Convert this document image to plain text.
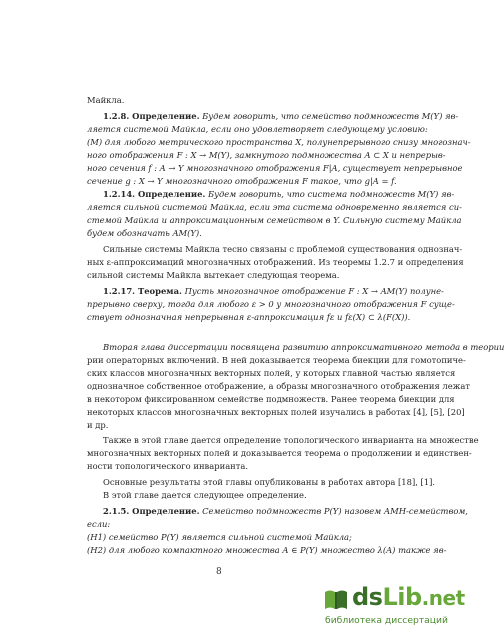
Майкла.
1.2.8. Определение. Будем говорить, что семейство подмножеств M(Y) яв-
ляется системой Майкла, если оно удовлетворяет следующему условию:
(M) для любого метрического пространства X, полунепрерывного снизу многознач-
ного отображения F : X → M(Y), замкнутого подмножества A ⊂ X и непрерыв-
ного сечения f : A → Y многозначного отображения F|A, существует непрерывное
сечение g : X → Y многозначного отображения F такое, что g|A = f.
1.2.14. Определение. Будем говорить, что система подмножеств M(Y) яв-
ляется сильной системой Майкла, если эта система одновременно является си-
стемой Майкла и аппроксимационным семейством в Y. Сильную систему Майкла
будем обозначать AM(Y).
Сильные системы Майкла тесно связаны с проблемой существования однознач-
ных ε-аппроксимаций многозначных отображений. Из теоремы 1.2.7 и определения
сильной системы Майкла вытекает следующая теорема.
1.2.17. Теорема. Пусть многозначное отображение F : X → AM(Y) полуне-
прерывно сверху, тогда для любого ε > 0 у многозначного отображения F суще-
ствует однозначная непрерывная ε-аппроксимация fε и fε(X) ⊂ λ(F(X)).
Вторая глава диссертации посвящена развитию аппроксимативного метода в теории
рии операторных включений. В ней доказывается теорема биекции для гомотопиче-
ских классов многозначных векторных полей, у которых главной частью является
однозначное собственное отображение, а образы многозначного отображения лежат
в некотором фиксированном семействе подмножеств. Ранее теорема биекции для
некоторых классов многозначных векторных полей изучались в работах [4], [5], [20]
и др.
Также в этой главе дается определение топологического инварианта на множестве
многозначных векторных полей и доказывается теорема о продолжении и единствен-
ности топологического инварианта.
Основные результаты этой главы опубликованы в работах автора [18], [1].
В этой главе дается следующее определение.
2.1.5. Определение. Семейство подмножеств P(Y) назовем АМН-семейством,
если:
(H1) семейство P(Y) является сильной системой Майкла;
(H2) для любого компактного множества A ∈ P(Y) множество λ(A) также яв-
8
dsLib.net
библиотека диссертаций
